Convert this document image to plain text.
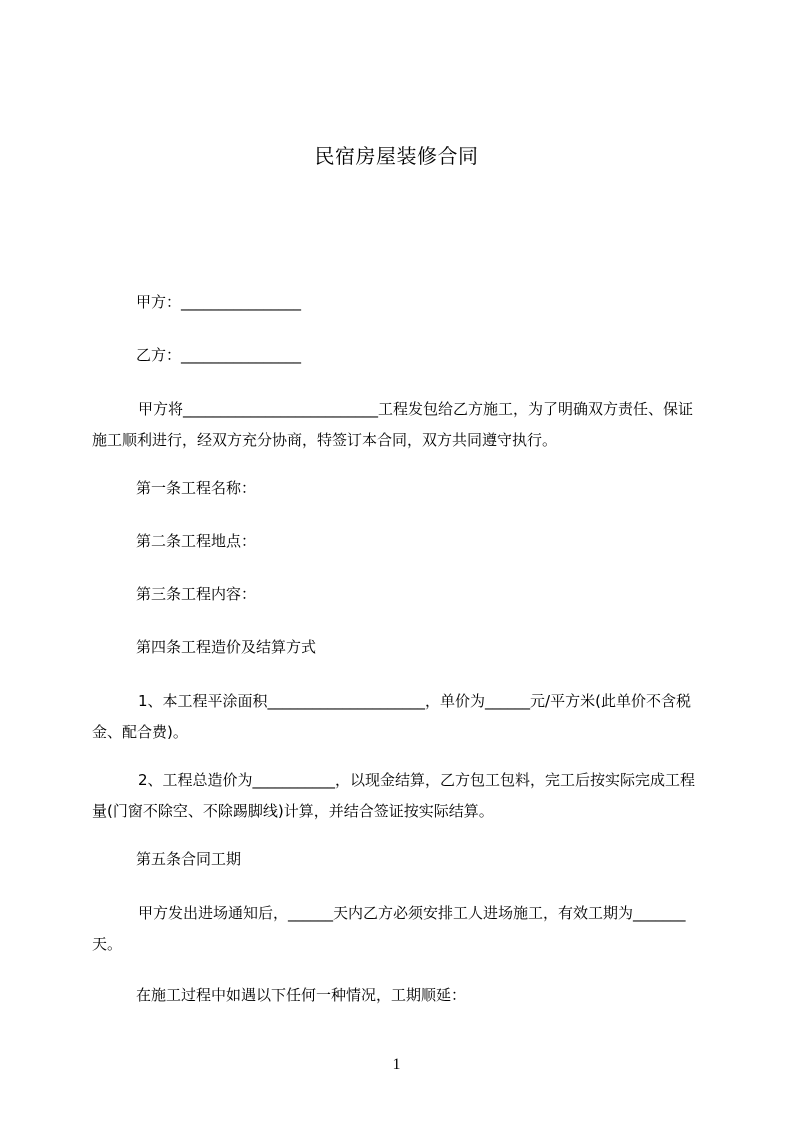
民宿房屋装修合同
甲方：________________
乙方：________________
甲方将__________________________工程发包给乙方施工，为了明确双方责任、保证施工顺利进行，经双方充分协商，特签订本合同，双方共同遵守执行。
第一条工程名称：
第二条工程地点：
第三条工程内容：
第四条工程造价及结算方式
1、本工程平涂面积_____________________，单价为______元/平方米(此单价不含税金、配合费)。
2、工程总造价为___________，以现金结算，乙方包工包料，完工后按实际完成工程量(门窗不除空、不除踢脚线)计算，并结合签证按实际结算。
第五条合同工期
甲方发出进场通知后，______天内乙方必须安排工人进场施工，有效工期为_______天。
在施工过程中如遇以下任何一种情况，工期顺延：
1
